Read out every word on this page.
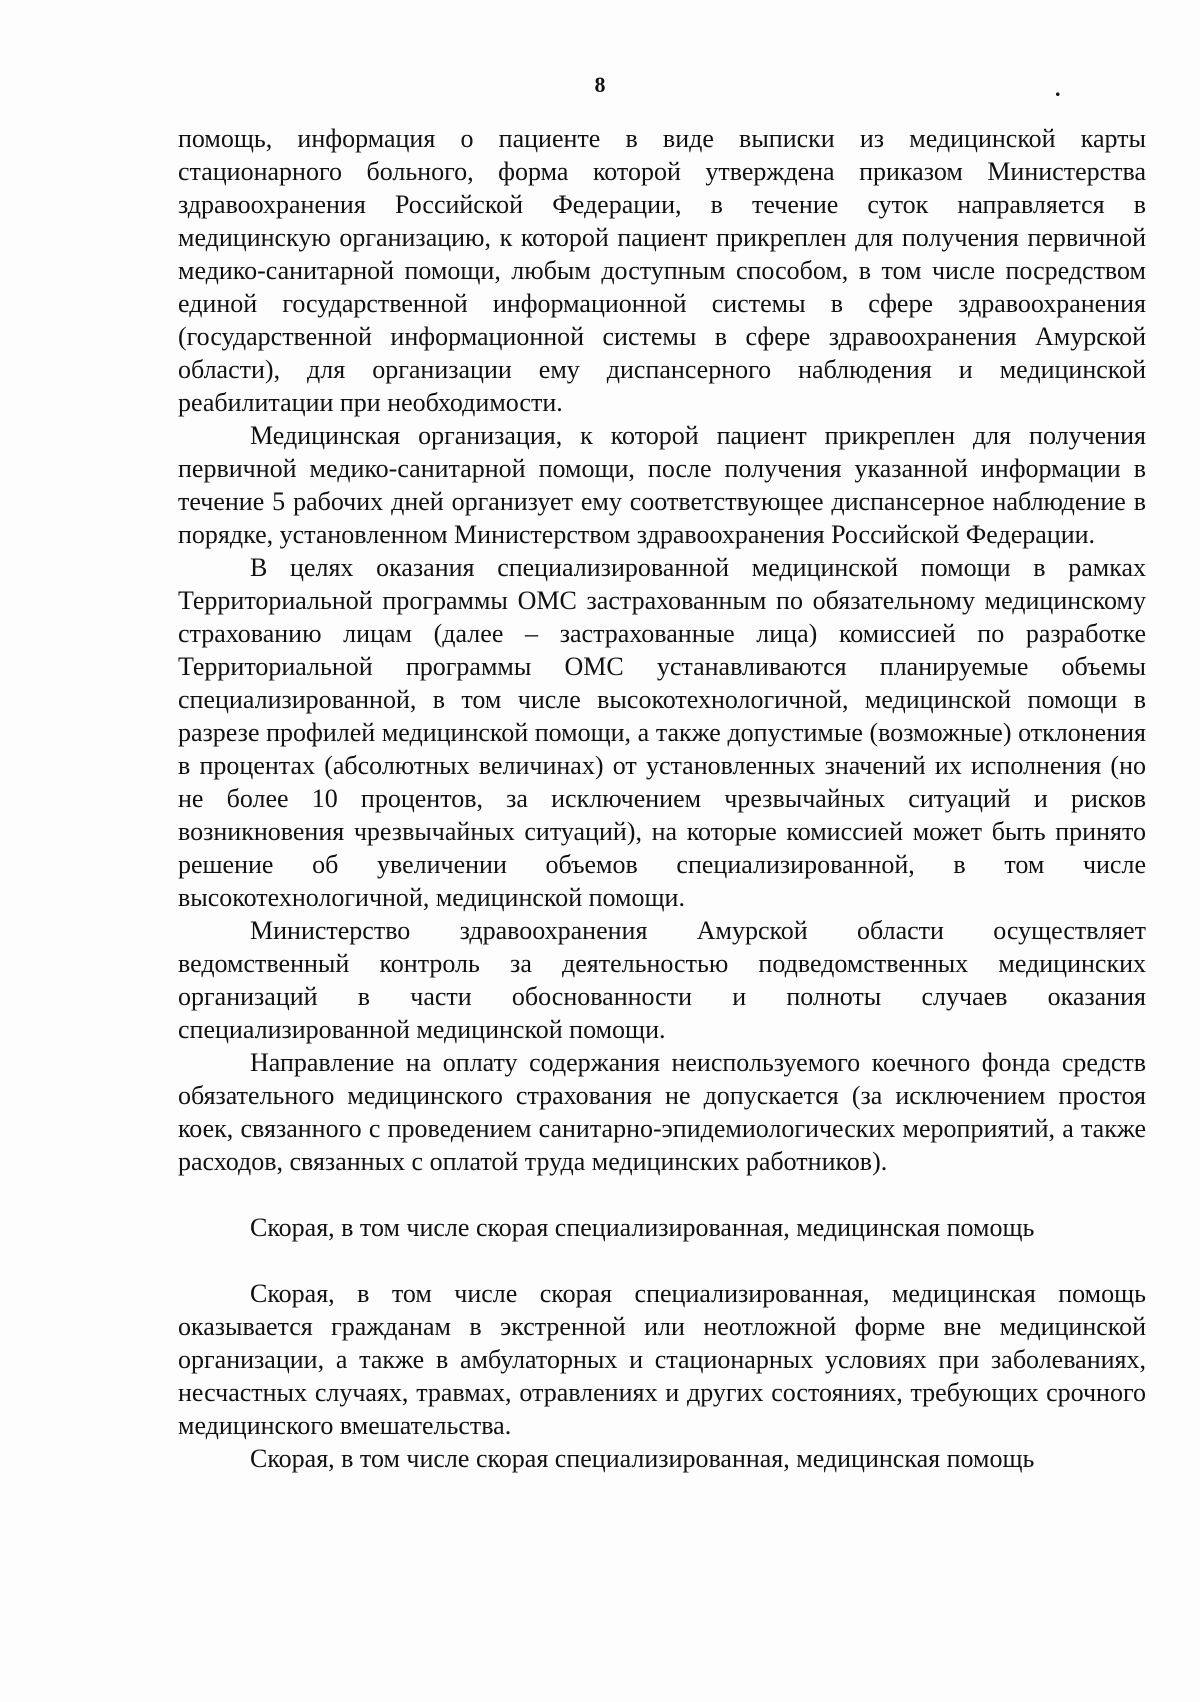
8	.

помощь, информация о пациенте в виде выписки из медицинской карты стационарного больного, форма которой утверждена приказом Министерства здравоохранения Российской Федерации, в течение суток направляется в медицинскую организацию, к которой пациент прикреплен для получения первичной медико-санитарной помощи, любым доступным способом, в том числе посредством единой государственной информационной системы в сфере здравоохранения (государственной информационной системы в сфере здравоохранения Амурской области), для организации ему диспансерного наблюдения и медицинской реабилитации при необходимости.

Медицинская организация, к которой пациент прикреплен для получения первичной медико-санитарной помощи, после получения указанной информации в течение 5 рабочих дней организует ему соответствующее диспансерное наблюдение в порядке, установленном Министерством здравоохранения Российской Федерации.

В целях оказания специализированной медицинской помощи в рамках Территориальной программы ОМС застрахованным по обязательному медицинскому страхованию лицам (далее – застрахованные лица) комиссией по разработке Территориальной программы ОМС устанавливаются планируемые объемы специализированной, в том числе высокотехнологичной, медицинской помощи в разрезе профилей медицинской помощи, а также допустимые (возможные) отклонения в процентах (абсолютных величинах) от установленных значений их исполнения (но не более 10 процентов, за исключением чрезвычайных ситуаций и рисков возникновения чрезвычайных ситуаций), на которые комиссией может быть принято решение об увеличении объемов специализированной, в том числе высокотехнологичной, медицинской помощи.

Министерство здравоохранения Амурской области осуществляет ведомственный контроль за деятельностью подведомственных медицинских организаций в части обоснованности и полноты случаев оказания специализированной медицинской помощи.

Направление на оплату содержания неиспользуемого коечного фонда средств обязательного медицинского страхования не допускается (за исключением простоя коек, связанного с проведением санитарно-эпидемиологических мероприятий, а также расходов, связанных с оплатой труда медицинских работников).

Скорая, в том числе скорая специализированная, медицинская помощь

Скорая, в том числе скорая специализированная, медицинская помощь оказывается гражданам в экстренной или неотложной форме вне медицинской организации, а также в амбулаторных и стационарных условиях при заболеваниях, несчастных случаях, травмах, отравлениях и других состояниях, требующих срочного медицинского вмешательства.

Скорая, в том числе скорая специализированная, медицинская помощь
